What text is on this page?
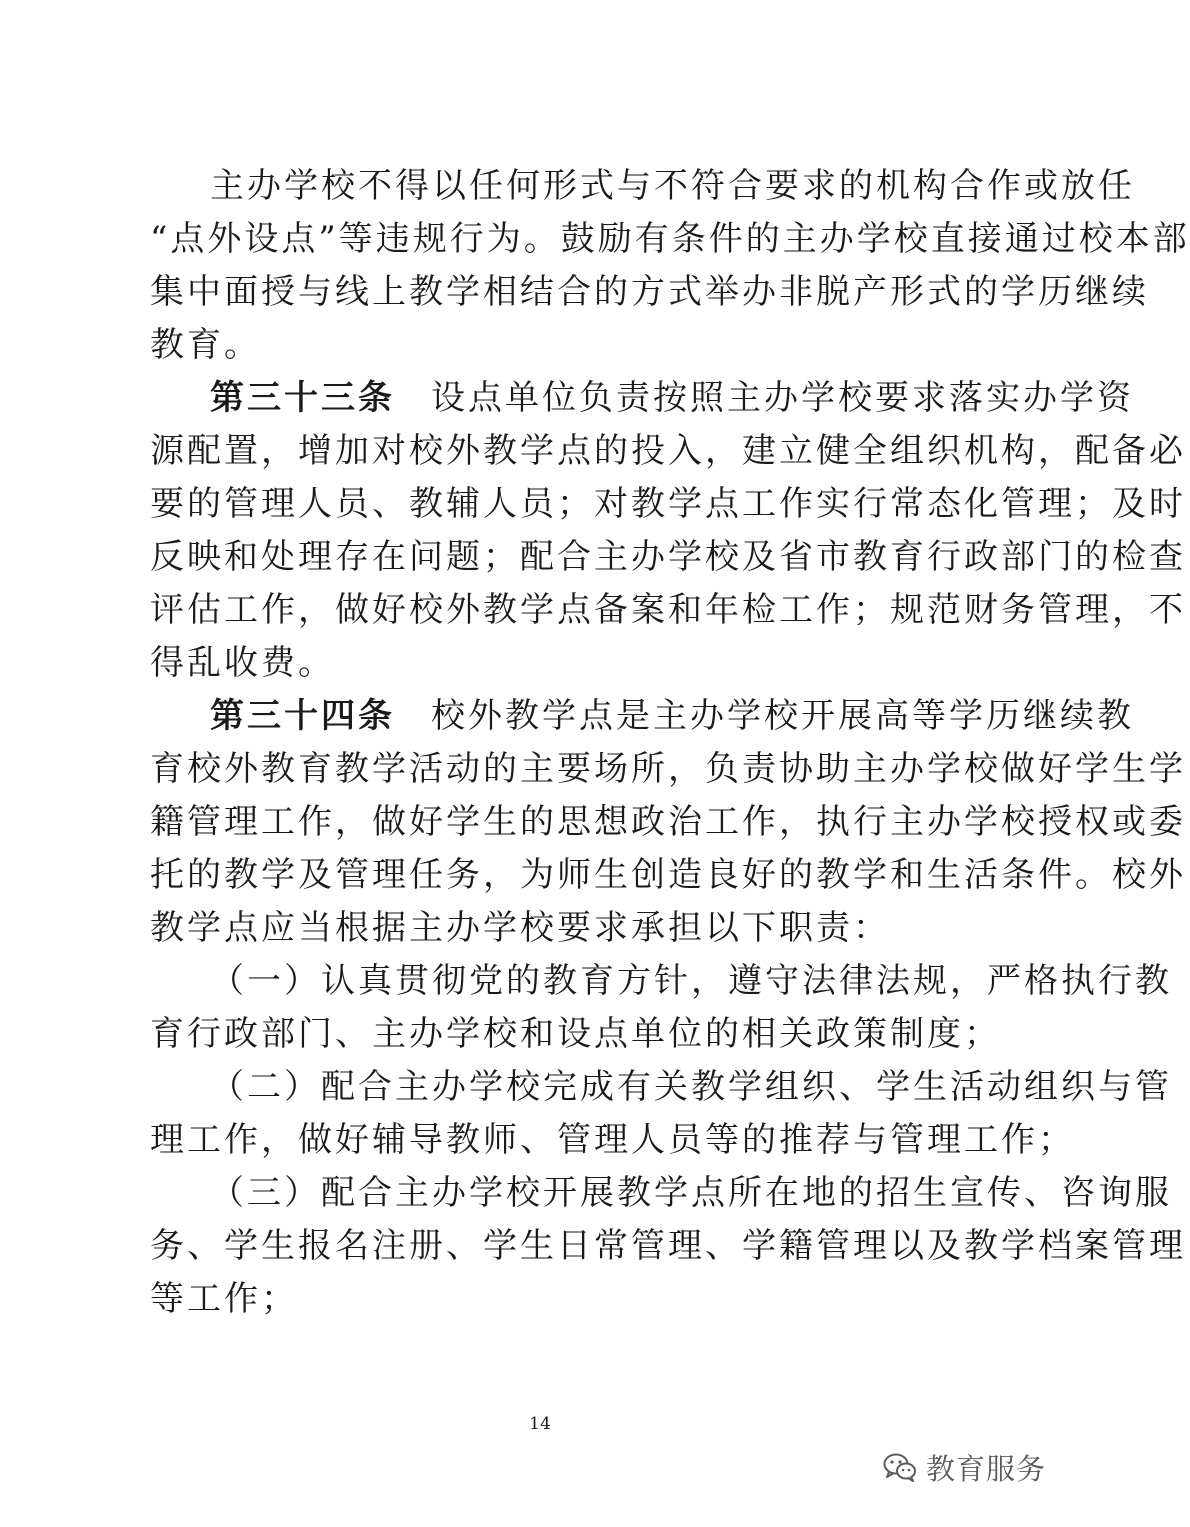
主办学校不得以任何形式与不符合要求的机构合作或放任
“点外设点”等违规行为。鼓励有条件的主办学校直接通过校本部
集中面授与线上教学相结合的方式举办非脱产形式的学历继续
教育。
第三十三条 设点单位负责按照主办学校要求落实办学资
源配置，增加对校外教学点的投入，建立健全组织机构，配备必
要的管理人员、教辅人员；对教学点工作实行常态化管理；及时
反映和处理存在问题；配合主办学校及省市教育行政部门的检查
评估工作，做好校外教学点备案和年检工作；规范财务管理，不
得乱收费。
第三十四条 校外教学点是主办学校开展高等学历继续教
育校外教育教学活动的主要场所，负责协助主办学校做好学生学
籍管理工作，做好学生的思想政治工作，执行主办学校授权或委
托的教学及管理任务，为师生创造良好的教学和生活条件。校外
教学点应当根据主办学校要求承担以下职责：
（一）认真贯彻党的教育方针，遵守法律法规，严格执行教
育行政部门、主办学校和设点单位的相关政策制度；
（二）配合主办学校完成有关教学组织、学生活动组织与管
理工作，做好辅导教师、管理人员等的推荐与管理工作；
（三）配合主办学校开展教学点所在地的招生宣传、咨询服
务、学生报名注册、学生日常管理、学籍管理以及教学档案管理
等工作；
14
教育服务
